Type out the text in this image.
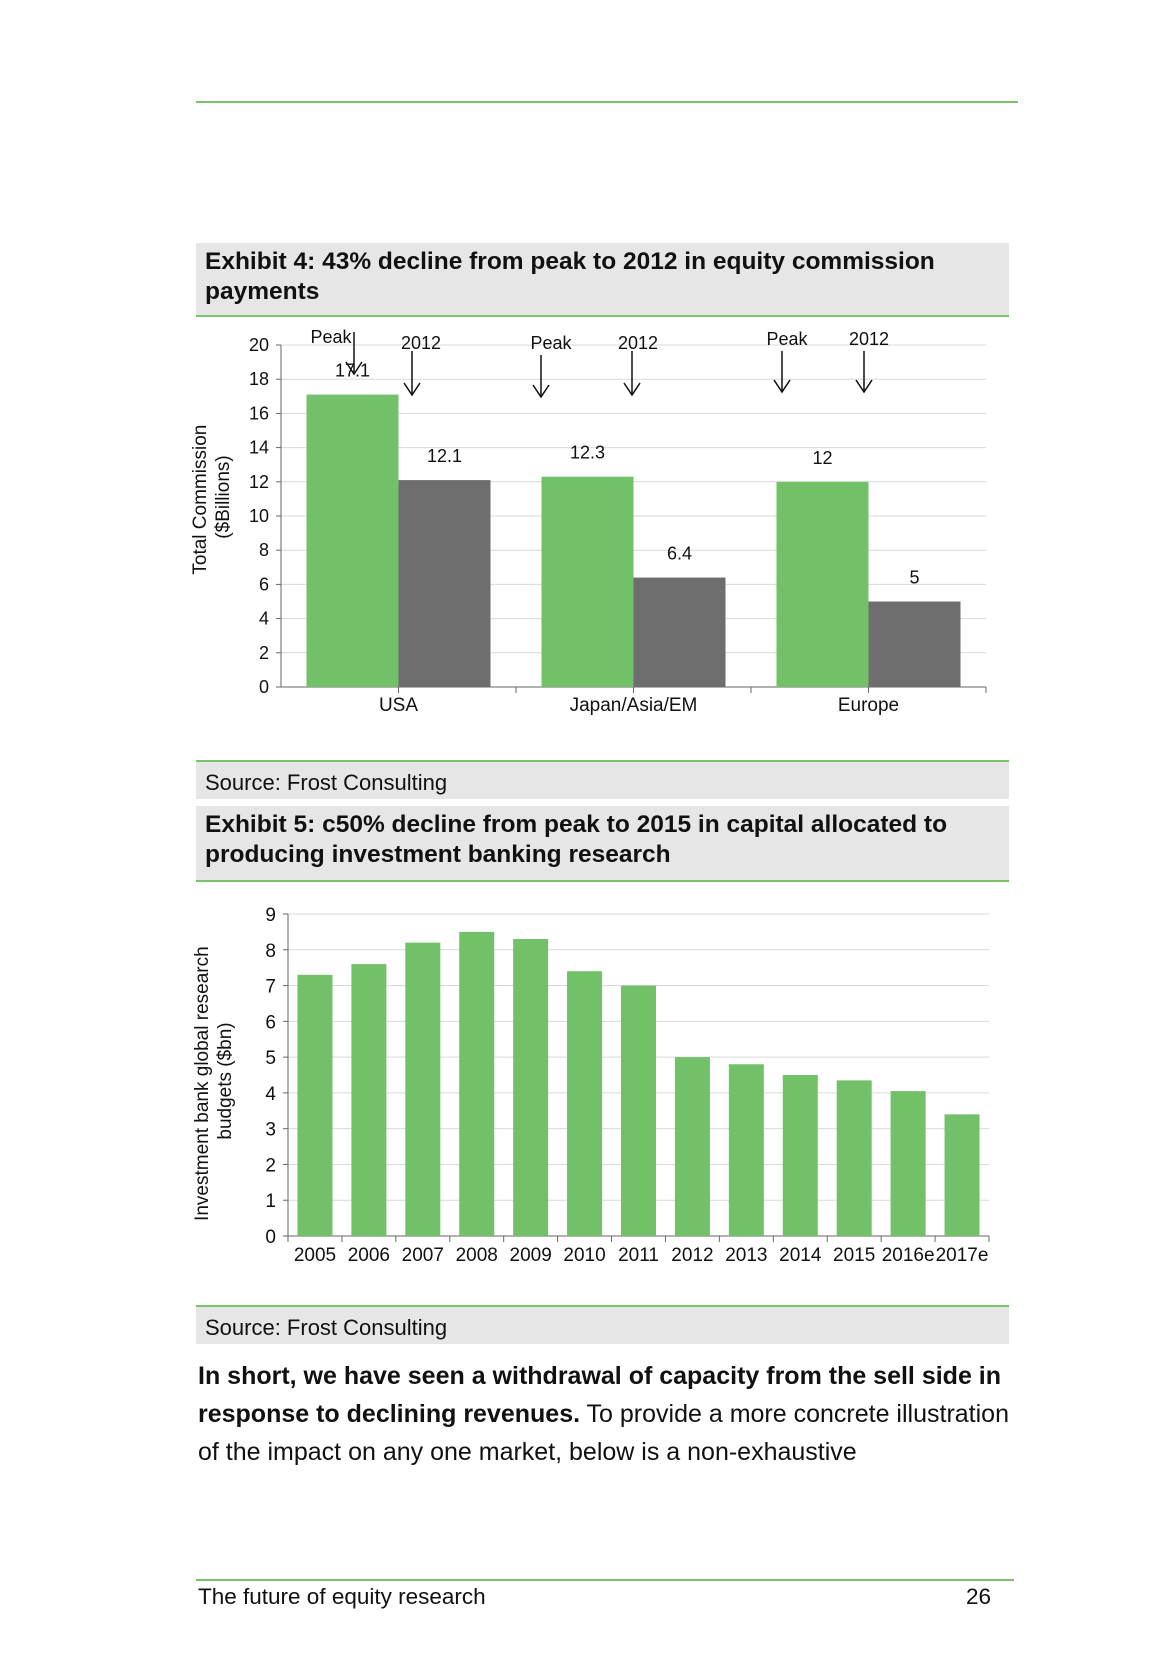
Exhibit 4: 43% decline from peak to 2012 in equity commission payments
0
2
4
6
8
10
12
14
16
18
20
USA
17.1
12.1
Japan/Asia/EM
12.3
6.4
Europe
12
5
Peak	2012	Peak	2012	Peak 2012
Total Commission ($Billions)
Source: Frost Consulting
Exhibit 5: c50% decline from peak to 2015 in capital allocated to producing investment banking research
0
1
2
3
4
5
6
7
8
9
2005 2006 2007 2008 2009 2010 2011 2012 2013 2014 2015 2016e 2017e
Investment bank global research budgets ($bn)
Source: Frost Consulting
In short, we have seen a withdrawal of capacity from the sell side in response to declining revenues. To provide a more concrete illustration of the impact on any one market, below is a non-exhaustive
The future of equity research	26
